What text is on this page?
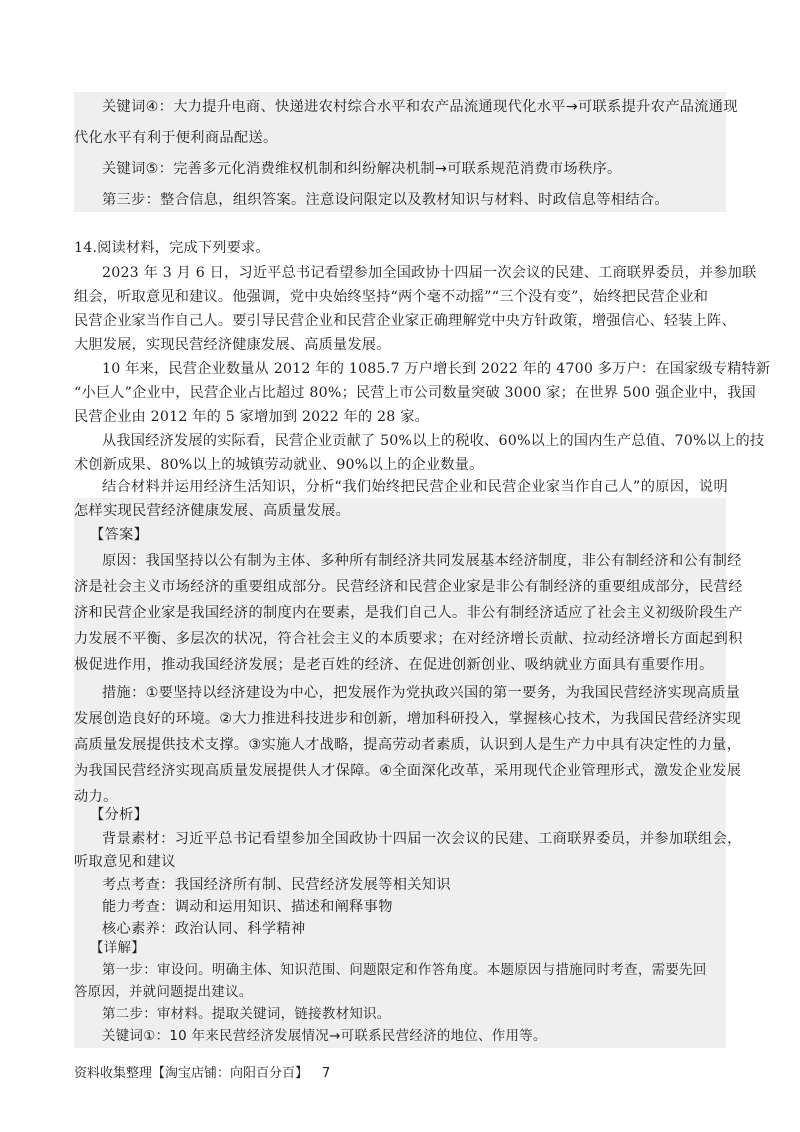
关键词④：大力提升电商、快递进农村综合水平和农产品流通现代化水平→可联系提升农产品流通现
代化水平有利于便利商品配送。
关键词⑤：完善多元化消费维权机制和纠纷解决机制→可联系规范消费市场秩序。
第三步：整合信息，组织答案。注意设问限定以及教材知识与材料、时政信息等相结合。
14.阅读材料，完成下列要求。
2023 年 3 月 6 日，习近平总书记看望参加全国政协十四届一次会议的民建、工商联界委员，并参加联
组会，听取意见和建议。他强调，党中央始终坚持“两个毫不动摇”“三个没有变”，始终把民营企业和
民营企业家当作自己人。要引导民营企业和民营企业家正确理解党中央方针政策，增强信心、轻装上阵、
大胆发展，实现民营经济健康发展、高质量发展。
10 年来，民营企业数量从 2012 年的 1085.7 万户增长到 2022 年的 4700 多万户：在国家级专精特新
“小巨人”企业中，民营企业占比超过 80%；民营上市公司数量突破 3000 家；在世界 500 强企业中，我国
民营企业由 2012 年的 5 家增加到 2022 年的 28 家。
从我国经济发展的实际看，民营企业贡献了 50%以上的税收、60%以上的国内生产总值、70%以上的技
术创新成果、80%以上的城镇劳动就业、90%以上的企业数量。
结合材料并运用经济生活知识，分析“我们始终把民营企业和民营企业家当作自己人”的原因，说明
怎样实现民营经济健康发展、高质量发展。
【答案】
原因：我国坚持以公有制为主体、多种所有制经济共同发展基本经济制度，非公有制经济和公有制经
济是社会主义市场经济的重要组成部分。民营经济和民营企业家是非公有制经济的重要组成部分，民营经
济和民营企业家是我国经济的制度内在要素，是我们自己人。非公有制经济适应了社会主义初级阶段生产
力发展不平衡、多层次的状况，符合社会主义的本质要求；在对经济增长贡献、拉动经济增长方面起到积
极促进作用，推动我国经济发展；是老百姓的经济、在促进创新创业、吸纳就业方面具有重要作用。
措施：①要坚持以经济建设为中心，把发展作为党执政兴国的第一要务，为我国民营经济实现高质量
发展创造良好的环境。②大力推进科技进步和创新，增加科研投入，掌握核心技术，为我国民营经济实现
高质量发展提供技术支撑。③实施人才战略，提高劳动者素质，认识到人是生产力中具有决定性的力量，
为我国民营经济实现高质量发展提供人才保障。④全面深化改革，采用现代企业管理形式，激发企业发展
动力。
【分析】
背景素材：习近平总书记看望参加全国政协十四届一次会议的民建、工商联界委员，并参加联组会，
听取意见和建议
考点考查：我国经济所有制、民营经济发展等相关知识
能力考查：调动和运用知识、描述和阐释事物
核心素养：政治认同、科学精神
【详解】
第一步：审设问。明确主体、知识范围、问题限定和作答角度。本题原因与措施同时考查，需要先回
答原因，并就问题提出建议。
第二步：审材料。提取关键词，链接教材知识。
关键词①：10 年来民营经济发展情况→可联系民营经济的地位、作用等。
资料收集整理【淘宝店铺：向阳百分百】 7
